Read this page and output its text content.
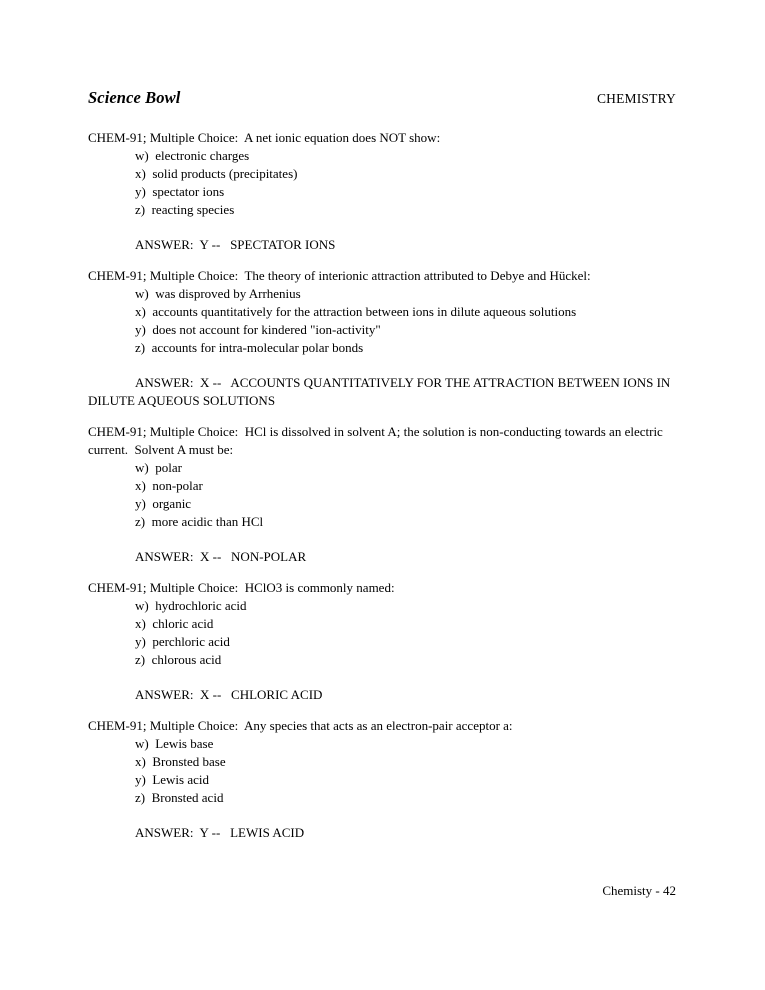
Science Bowl	CHEMISTRY

CHEM-91; Multiple Choice:  A net ionic equation does NOT show:

w)  electronic charges
x)  solid products (precipitates)
y)  spectator ions
z)  reacting species

ANSWER:  Y --   SPECTATOR IONS

CHEM-91; Multiple Choice:  The theory of interionic attraction attributed to Debye and Hückel:

w)  was disproved by Arrhenius
x)  accounts quantitatively for the attraction between ions in dilute aqueous solutions
y)  does not account for kindered "ion-activity"
z)  accounts for intra-molecular polar bonds

ANSWER:  X --   ACCOUNTS QUANTITATIVELY FOR THE ATTRACTION BETWEEN IONS IN DILUTE AQUEOUS SOLUTIONS

CHEM-91; Multiple Choice:  HCl is dissolved in solvent A; the solution is non-conducting towards an electric current.  Solvent A must be:

w)  polar
x)  non-polar
y)  organic
z)  more acidic than HCl

ANSWER:  X --   NON-POLAR

CHEM-91; Multiple Choice:  HClO3 is commonly named:

w)  hydrochloric acid
x)  chloric acid
y)  perchloric acid
z)  chlorous acid

ANSWER:  X --   CHLORIC ACID

CHEM-91; Multiple Choice:  Any species that acts as an electron-pair acceptor a:

w)  Lewis base
x)  Bronsted base
y)  Lewis acid
z)  Bronsted acid

ANSWER:  Y --   LEWIS ACID

Chemisty - 42
